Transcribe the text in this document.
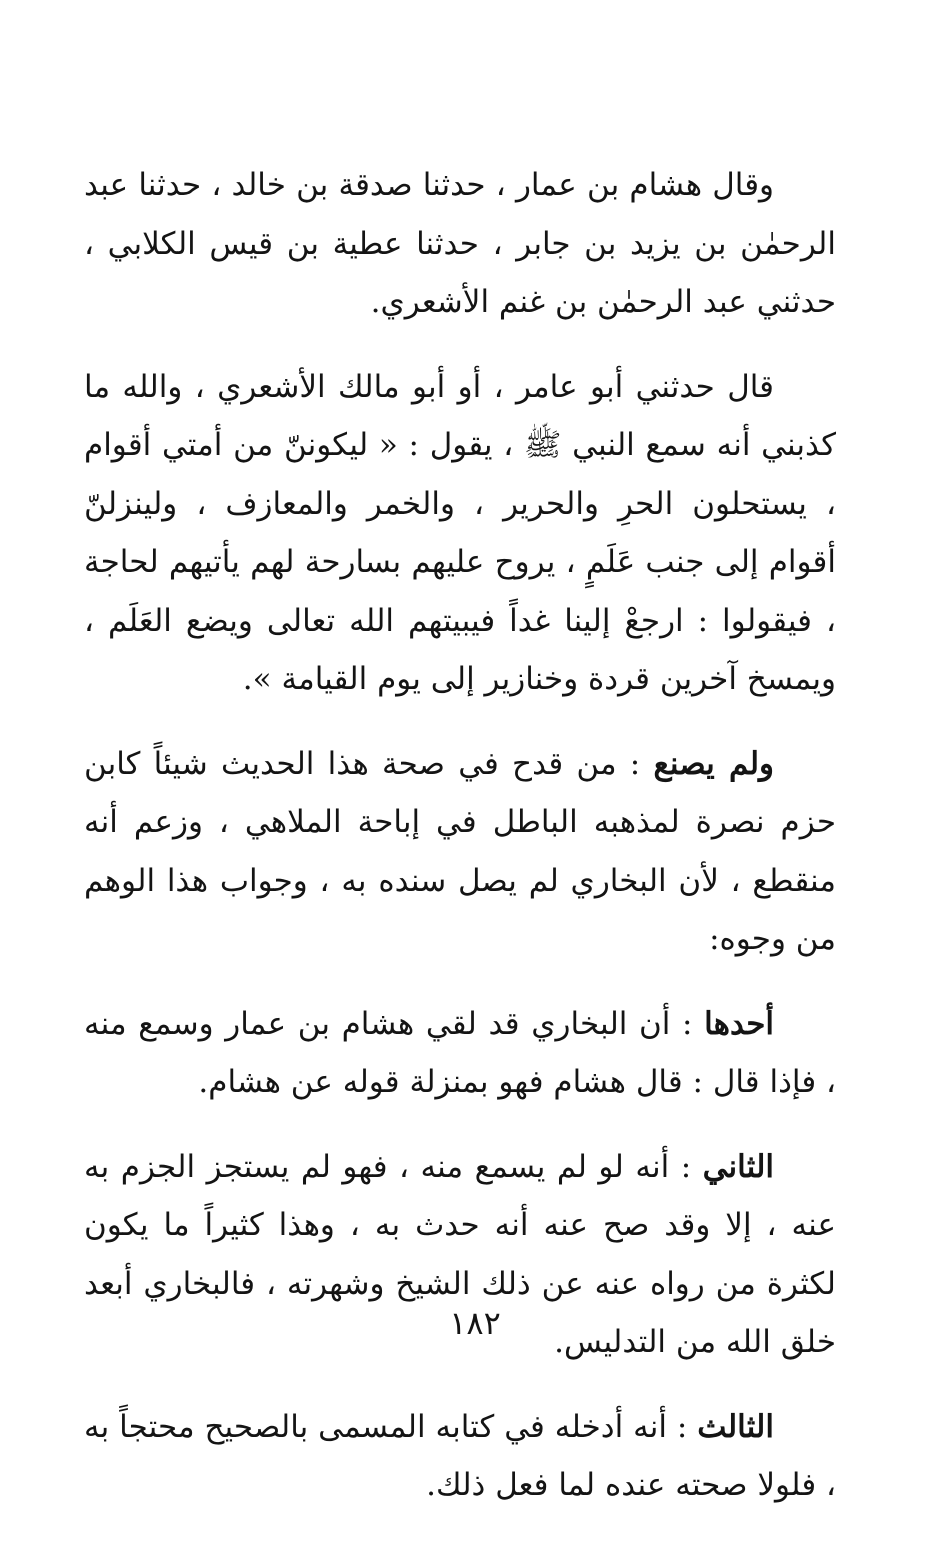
وقال هشام بن عمار ، حدثنا صدقة بن خالد ، حدثنا عبد الرحمٰن بن يزيد بن جابر ، حدثنا عطية بن قيس الكلابي ، حدثني عبد الرحمٰن بن غنم الأشعري.

قال حدثني أبو عامر ، أو أبو مالك الأشعري ، والله ما كذبني أنه سمع النبي ﷺ ، يقول : « ليكوننّ من أمتي أقوام ، يستحلون الحرِ والحرير ، والخمر والمعازف ، ولينزلنّ أقوام إلى جنب عَلَمٍ ، يروح عليهم بسارحة لهم يأتيهم لحاجة ، فيقولوا : ارجعْ إلينا غداً فيبيتهم الله تعالى ويضع العَلَم ، ويمسخ آخرين قردة وخنازير إلى يوم القيامة ».

ولم يصنع : من قدح في صحة هذا الحديث شيئاً كابن حزم نصرة لمذهبه الباطل في إباحة الملاهي ، وزعم أنه منقطع ، لأن البخاري لم يصل سنده به ، وجواب هذا الوهم من وجوه:

أحدها : أن البخاري قد لقي هشام بن عمار وسمع منه ، فإذا قال : قال هشام فهو بمنزلة قوله عن هشام.

الثاني : أنه لو لم يسمع منه ، فهو لم يستجز الجزم به عنه ، إلا وقد صح عنه أنه حدث به ، وهذا كثيراً ما يكون لكثرة من رواه عنه عن ذلك الشيخ وشهرته ، فالبخاري أبعد خلق الله من التدليس.

الثالث : أنه أدخله في كتابه المسمى بالصحيح محتجاً به ، فلولا صحته عنده لما فعل ذلك.

١٨٢
